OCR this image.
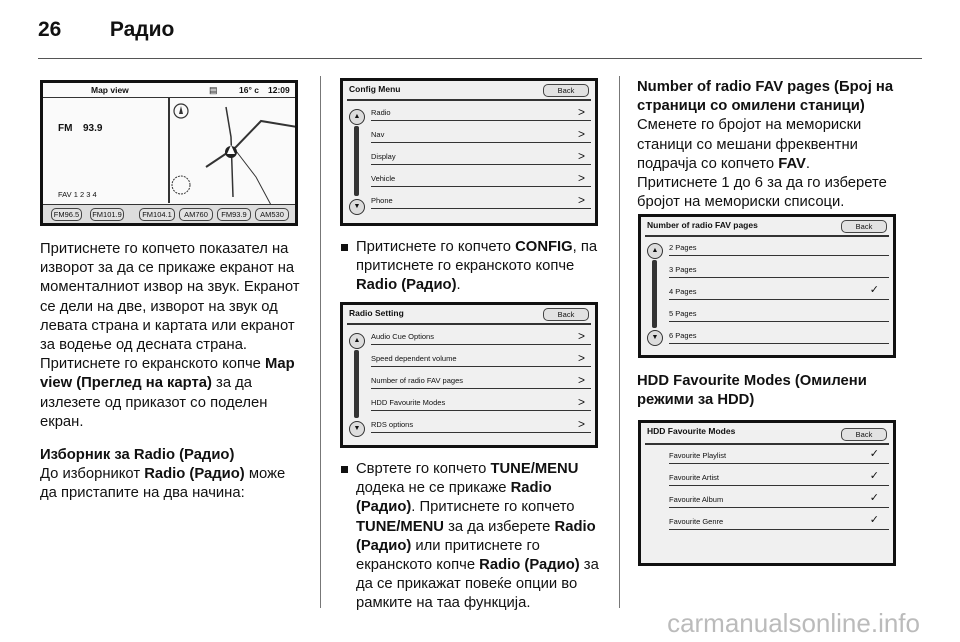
26 Радио
Map view	▤	16° c 12:09
FM 93.9
FAV 1 2 3 4
FM96.5	FM101.9	FM104.1	AM760	FM93.9	AM530

Притиснете го копчето показател на изворот за да се прикаже екранот на моменталниот извор на звук. Екранот се дели на две, изворот на звук од левата страна и картата или екранот за водење од десната страна. Притиснете го екранското копче Map view (Преглед на карта) за да излезете од приказот со поделен екран.

Изборник за Radio (Радио)

До изборникот Radio (Радио) може да пристапите на два начина:

Config Menu	Back
▲
▼
Radio	>
Nav	>
Display	>
Vehicle	>
Phone	>

Притиснете го копчето CONFIG, па притиснете го екранското копче Radio (Радио).

Radio Setting	Back
▲
▼
Audio Cue Options	>
Speed dependent volume	>
Number of radio FAV pages	>
HDD Favourite Modes	>
RDS options	>

Свртете го копчето TUNE/MENU додека не се прикаже Radio (Радио). Притиснете го копчето TUNE/MENU за да изберете Radio (Радио) или притиснете го екранското копче Radio (Радио) за да се прикажат повеќе опции во рамките на таа функција.

Number of radio FAV pages (Број на страници со омилени станици)

Сменете го бројот на мемориски станици со мешани фреквентни подрачја со копчето FAV.

Притиснете 1 до 6 за да го изберете бројот на мемориски списоци.

Number of radio FAV pages	Back
▲
▼
2 Pages
3 Pages
4 Pages	✓
5 Pages
6 Pages

HDD Favourite Modes (Омилени режими за HDD)

HDD Favourite Modes	Back
Favourite Playlist	✓
Favourite Artist	✓
Favourite Album	✓
Favourite Genre	✓
carmanualsonline.info
